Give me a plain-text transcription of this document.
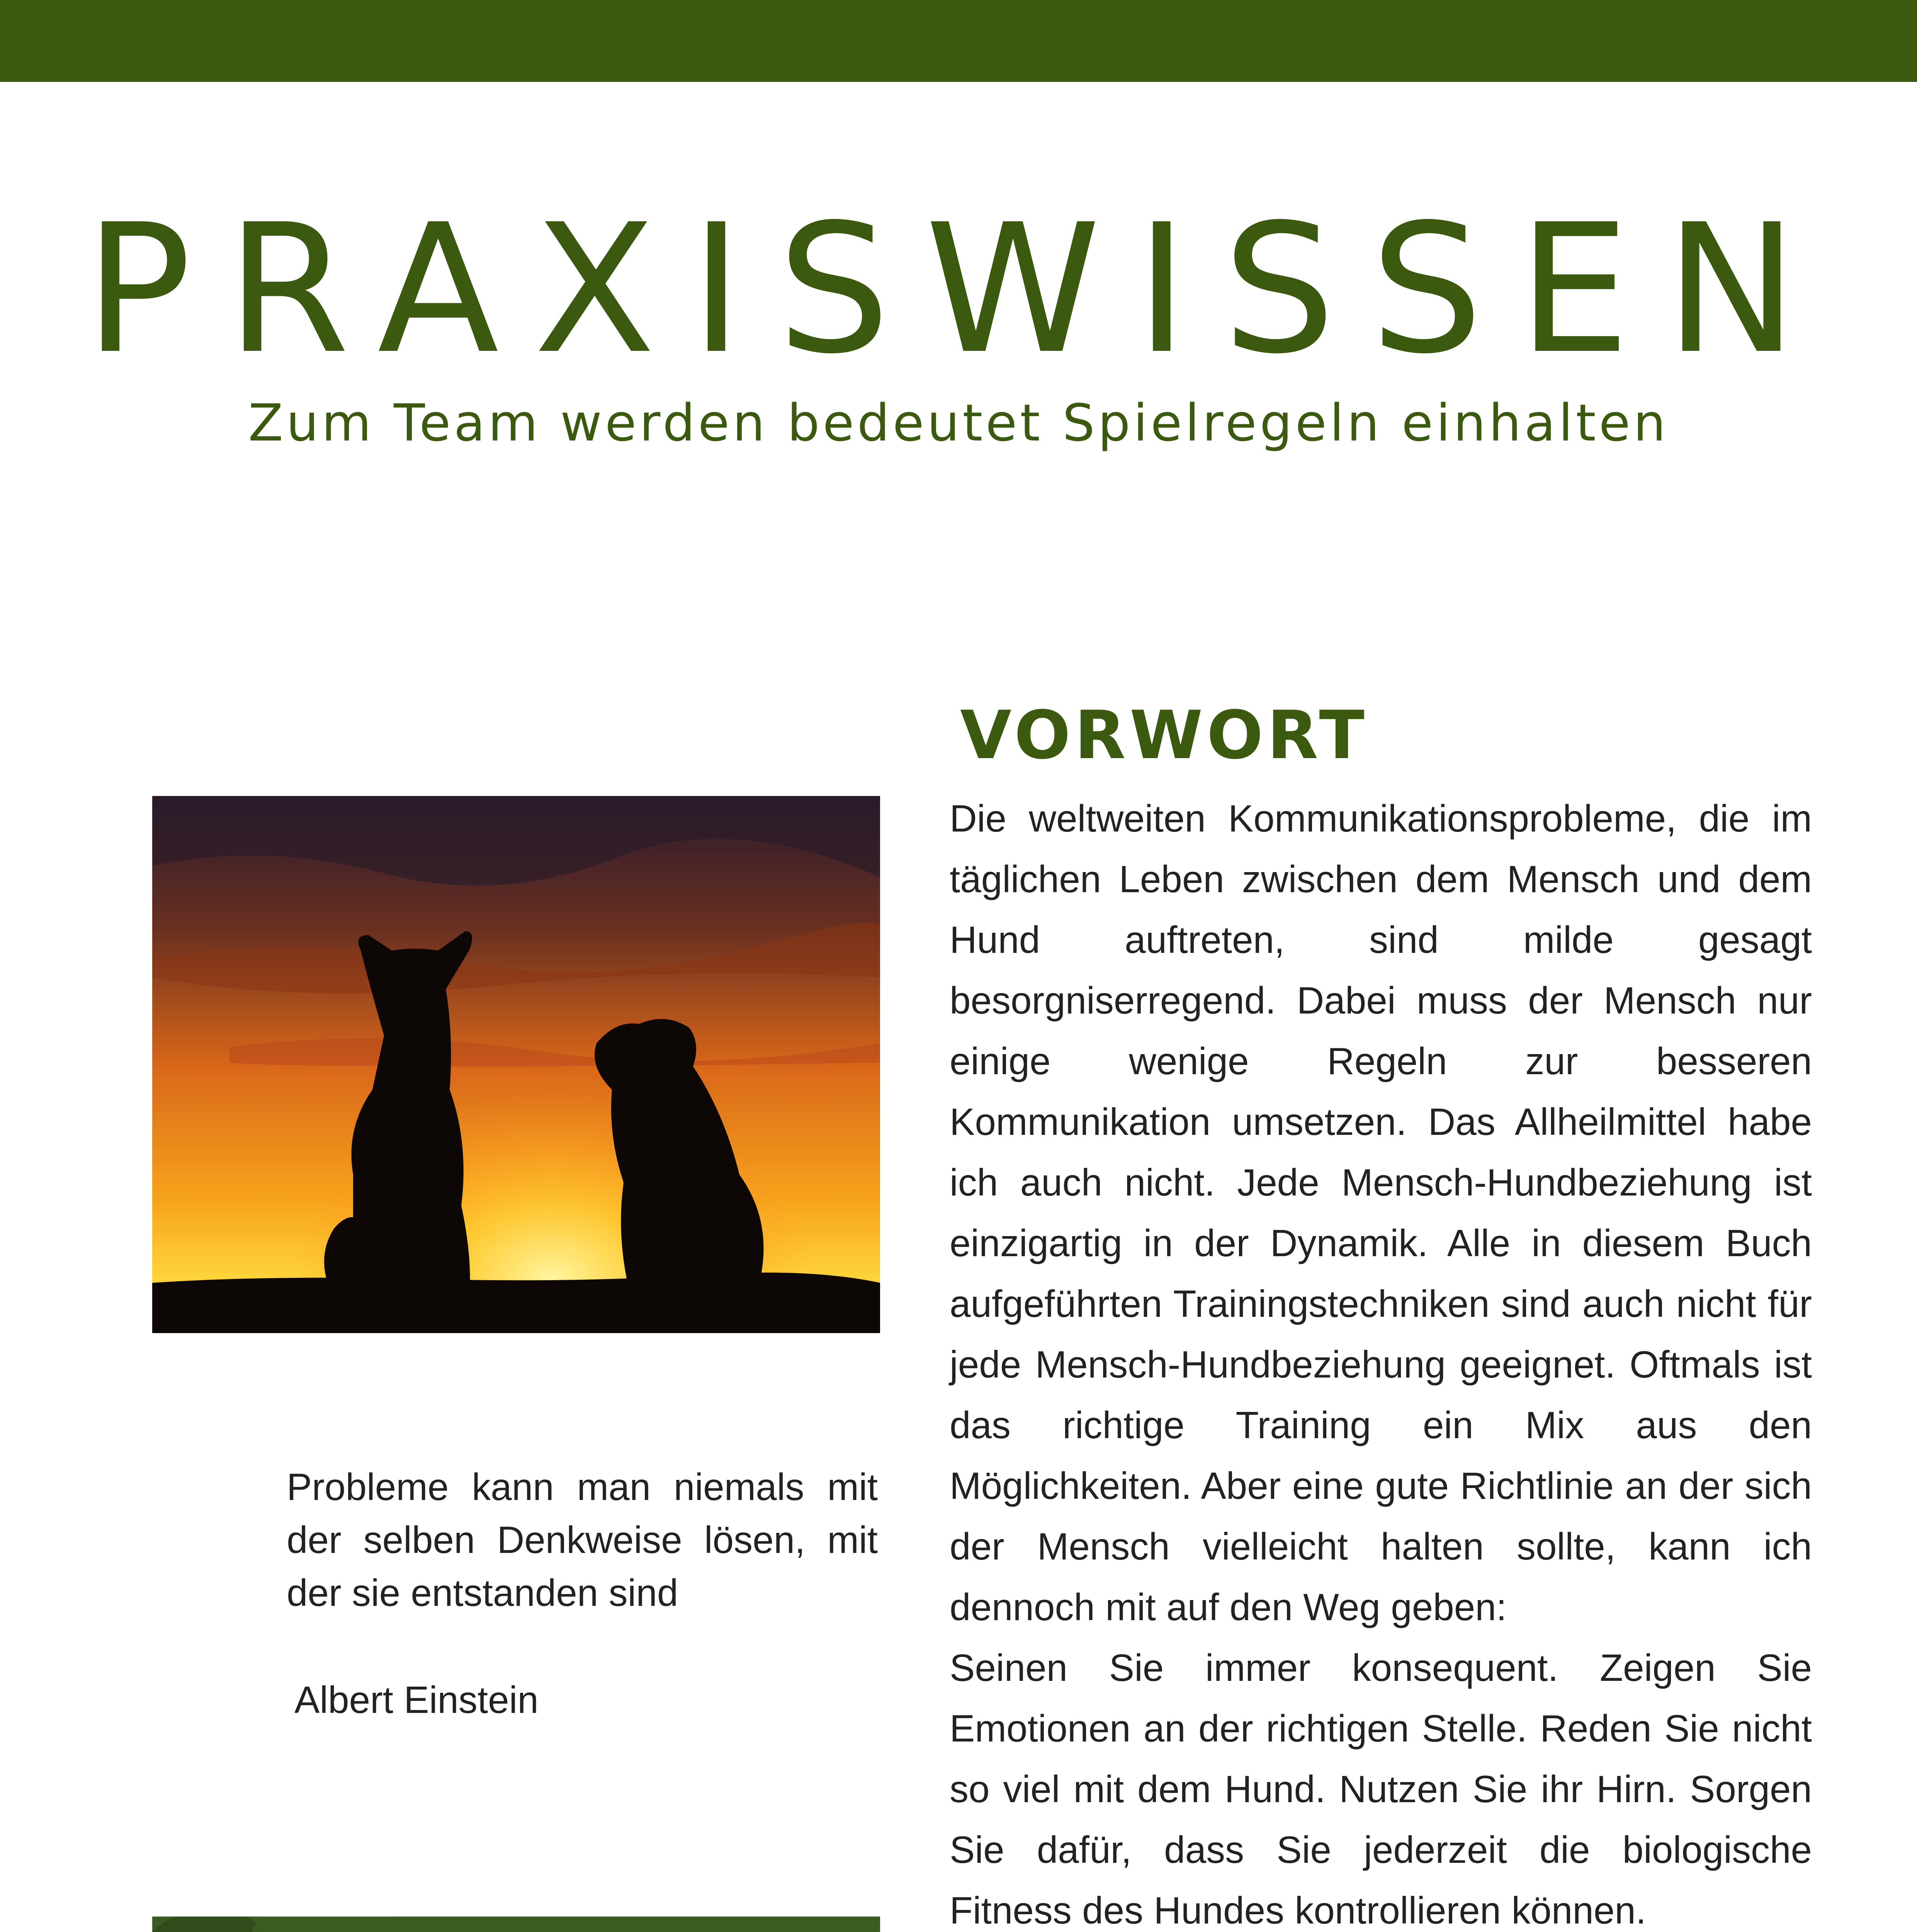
PRAXISWISSEN
Zum Team werden bedeutet Spielregeln einhalten

Probleme kann man niemals mit der selben Denkweise lösen, mit der sie entstanden sind

Albert Einstein

VORWORT

Die weltweiten Kommunikationsprobleme, die im täglichen Leben zwischen dem Mensch und dem Hund auftreten, sind milde gesagt besorgniserregend. Dabei muss der Mensch nur einige wenige Regeln zur besseren Kommunikation umsetzen. Das Allheilmittel habe ich auch nicht. Jede Mensch-Hundbeziehung ist einzigartig in der Dynamik. Alle in diesem Buch aufgeführten Trainingstechniken sind auch nicht für jede Mensch-Hundbeziehung geeignet. Oftmals ist das richtige Training ein Mix aus den Möglichkeiten. Aber eine gute Richtlinie an der sich der Mensch vielleicht halten sollte, kann ich dennoch mit auf den Weg geben:

Seinen Sie immer konsequent. Zeigen Sie Emotionen an der richtigen Stelle. Reden Sie nicht so viel mit dem Hund. Nutzen Sie ihr Hirn. Sorgen Sie dafür, dass Sie jederzeit die biologische Fitness des Hundes kontrollieren können.
